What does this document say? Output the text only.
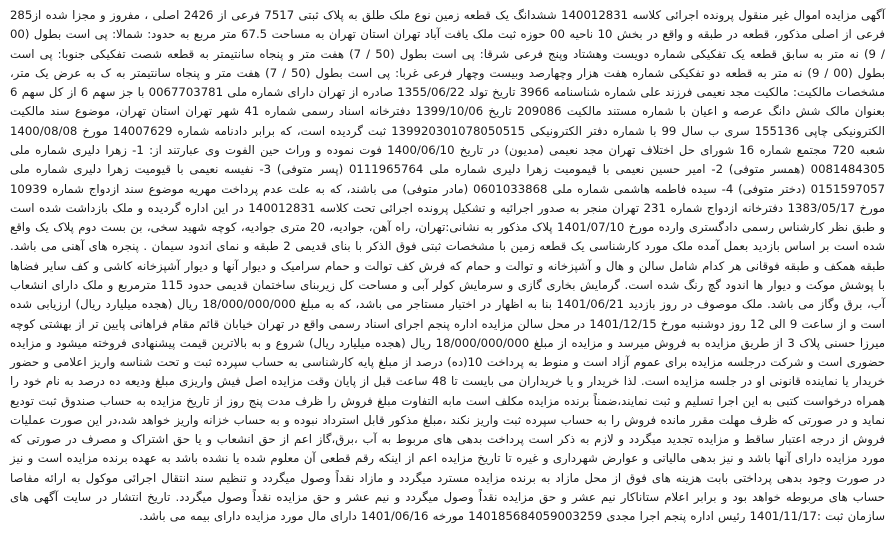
آگهی مزایده اموال غیر منقول پرونده اجرائی کلاسه 140012831 ششدانگ یک قطعه زمین نوع ملک طلق به پلاک ثبتی 7517 فرعی از 2426 اصلی ، مفروز و مجزا شده از285 فرعی از اصلی مذکور، قطعه در طبقه و واقع در بخش 10 ناحیه 00 حوزه ثبت ملک یافت آباد تهران استان تهران به مساحت 67.5 متر مربع به حدود: شمالا: پی است بطول (00 / 9) نه متر به سابق قطعه یک تفکیکی شماره دویست وهشتاد وپنج فرعی شرقا: پی است بطول (50 / 7) هفت متر و پنجاه سانتیمتر به قطعه شصت تفکیکی جنوبا: پی است بطول (00 / 9) نه متر به قطعه دو تفکیکی شماره هفت هزار وچهارصد وبیست وچهار فرعی غربا: پی است بطول (50 / 7) هفت متر و پنجاه سانتیمتر به ک به عرض یک متر، مشخصات مالکیت: مالکیت مجد نعیمی فرزند علی شماره شناسنامه 3966 تاریخ تولد 1355/06/22 صادره از تهران دارای شماره ملی 0067703781 با جز سهم 6 از کل سهم 6 بعنوان مالک شش دانگ عرصه و اعیان با شماره مستند مالکیت 209086 تاریخ 1399/10/06 دفترخانه اسناد رسمی شماره 41 شهر تهران استان تهران، موضوع سند مالکیت الکترونیکی چاپی 155136 سری ب سال 99 با شماره دفتر الکترونیکی 139920301078050515 ثبت گردیده است، که برابر دادنامه شماره 14007629 مورخ 1400/08/08 شعبه 720 مجتمع شماره 16 شورای حل اختلاف تهران مجد نعیمی (مدیون) در تاریخ 1400/06/10 فوت نموده و وراث حین الفوت وی عبارتند از: 1- زهرا دلیری شماره ملی 0081484305 (همسر متوفی) 2- امیر حسین نعیمی با قیمومیت زهرا دلیری شماره ملی 0111965764 (پسر متوفی) 3- نفیسه نعیمی با قیومیت زهرا دلیری شماره ملی 0151597057 (دختر متوفی) 4- سیده فاطمه هاشمی شماره ملی 0601033868 (مادر متوفی) می باشند، که به علت عدم پرداخت مهریه موضوع سند ازدواج شماره 10939 مورخ 1383/05/17 دفترخانه ازدواج شماره 231 تهران منجر به صدور اجرائیه و تشکیل پرونده اجرائی تحت کلاسه 140012831 در این اداره گردیده و ملک بازداشت شده است و طبق نظر کارشناس رسمی دادگستری وارده مورخ 1401/07/10 پلاک مذکور به نشانی:تهران، راه آهن، جوادیه، 20 متری جوادیه، کوچه شهید سخی، بن بست دوم پلاک یک واقع شده است بر اساس بازدید بعمل آمده ملک مورد کارشناسی یک قطعه زمین با مشخصات ثبتی فوق الذکر با بنای قدیمی 2 طبقه و نمای اندود سیمان . پنجره های آهنی می باشد. طبقه همکف و طبقه فوقانی هر کدام شامل سالن و هال و آشپزخانه و توالت و حمام که فرش کف توالت و حمام سرامیک و دیوار آنها و دیوار آشپزخانه کاشی و کف سایر فضاها با پوشش موکت و دیوار ها اندود گچ رنگ شده است. گرمایش بخاری گازی و سرمایش کولر آبی و مساحت کل زیربنای ساختمان قدیمی حدود 115 مترمربع و ملک دارای انشعاب آب، برق وگاز می باشد. ملک موصوف در روز بازدید 1401/06/21 بنا به اظهار در اختیار مستاجر می باشد، که به مبلغ 18/000/000/000 ریال (هجده میلیارد ریال) ارزیابی شده است و از ساعت 9 الی 12 روز دوشنبه مورخ 1401/12/15 در محل سالن مزایده اداره پنجم اجرای اسناد رسمی واقع در تهران خیابان قائم مقام فراهانی پایین تر از بهشتی کوچه میرزا حسنی پلاک 3 از طریق مزایده به فروش میرسد و مزایده از مبلغ 18/000/000/000 ریال (هجده میلیارد ریال) شروع و به بالاترین قیمت پیشنهادی فروخته میشود و مزایده حضوری است و شرکت درجلسه مزایده برای عموم آزاد است و منوط به پرداخت 10(ده) درصد از مبلغ پایه کارشناسی به حساب سپرده ثبت و تحت شناسه واریز اعلامی و حضور خریدار یا نماینده قانونی او در جلسه مزایده است. لذا خریدار و یا خریداران می بایست تا 48 ساعت قبل از پایان وقت مزایده اصل فیش واریزی مبلغ ودیعه ده درصد به نام خود را همراه درخواست کتبی به این اجرا تسلیم و ثبت نمایند،ضمناً برنده مزایده مکلف است مابه التفاوت مبلغ فروش را ظرف مدت پنج روز از تاریخ مزایده به حساب صندوق ثبت تودیع نماید و در صورتی که ظرف مهلت مقرر مانده فروش را به حساب سپرده ثبت واریز نکند ،مبلغ مذکور قابل استرداد نبوده و به حساب خزانه واریز خواهد شد،در این صورت عملیات فروش از درجه اعتبار ساقط و مزایده تجدید میگردد و لازم به ذکر است پرداخت بدهی های مربوط به آب ،برق،گاز اعم از حق انشعاب و یا حق اشتراک و مصرف در صورتی که مورد مزایده دارای آنها باشد و نیز بدهی مالیاتی و عوارض شهرداری و غیره تا تاریخ مزایده اعم از اینکه رقم قطعی آن معلوم شده یا نشده باشد به عهده برنده مزایده است و نیز در صورت وجود بدهی پرداختی بابت هزینه های فوق از محل مازاد به برنده مزایده مسترد میگردد و مازاد نقداً وصول میگردد و تنظیم سند انتقال اجرائی موکول به ارائه مفاصا حساب های مربوطه خواهد بود و برابر اعلام ستاناکار نیم عشر و حق مزایده نقداً وصول میگردد و نیم عشر و حق مزایده نقداً وصول میگردد. تاریخ انتشار در سایت آگهی های سازمان ثبت :1401/11/17 رئیس اداره پنجم اجرا مجدی 140185684059003259 مورخه 1401/06/16 دارای مال مورد مزایده دارای بیمه می باشد.
